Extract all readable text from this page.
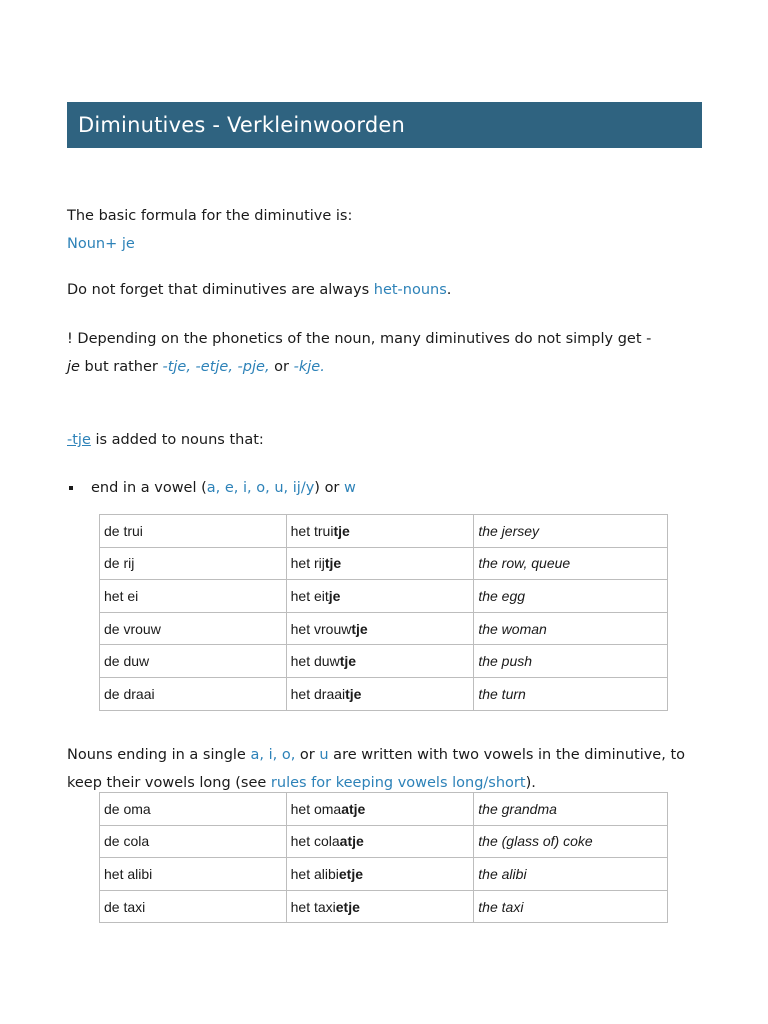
Diminutives - Verkleinwoorden

The basic formula for the diminutive is:
Noun+ je

Do not forget that diminutives are always het-nouns.

! Depending on the phonetics of the noun, many diminutives do not simply get -
je but rather -tje, -etje, -pje, or -kje.

-tje is added to nouns that:

end in a vowel (a, e, i, o, u, ij/y) or w
de trui	het truitje	the jersey
de rij	het rijtje	the row, queue
het ei	het eitje	the egg
de vrouw	het vrouwtje	the woman
de duw	het duwtje	the push
de draai	het draaitje	the turn

Nouns ending in a single a, i, o, or u are written with two vowels in the diminutive, to keep their vowels long (see rules for keeping vowels long/short).

de oma	het omaatje	the grandma
de cola	het colaatje	the (glass of) coke
het alibi	het alibietje	the alibi
de taxi	het taxietje	the taxi
